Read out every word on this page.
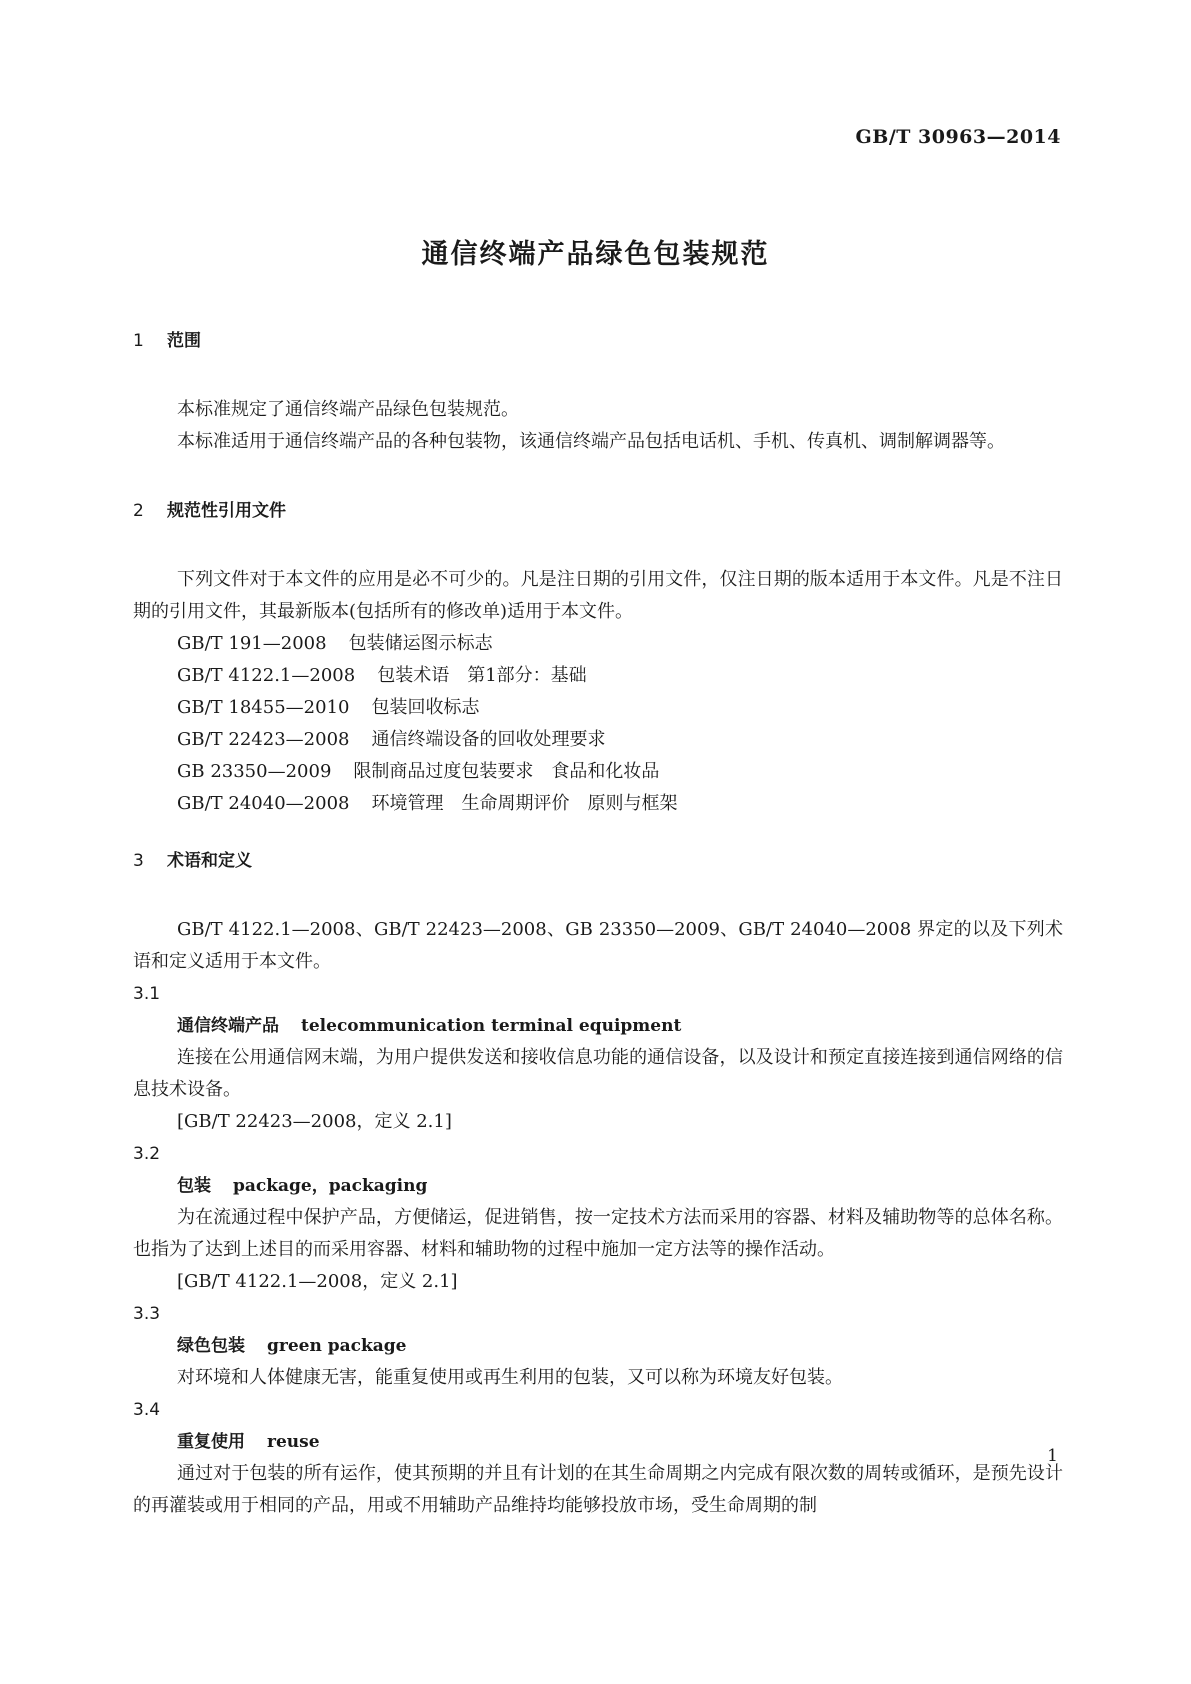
GB/T 30963—2014
通信终端产品绿色包装规范
1 范围

本标准规定了通信终端产品绿色包装规范。

本标准适用于通信终端产品的各种包装物，该通信终端产品包括电话机、手机、传真机、调制解调器等。

2 规范性引用文件

下列文件对于本文件的应用是必不可少的。凡是注日期的引用文件，仅注日期的版本适用于本文件。凡是不注日期的引用文件，其最新版本(包括所有的修改单)适用于本文件。

GB/T 191—2008 包装储运图示标志
GB/T 4122.1—2008 包装术语　第1部分：基础
GB/T 18455—2010 包装回收标志
GB/T 22423—2008 通信终端设备的回收处理要求
GB 23350—2009 限制商品过度包装要求　食品和化妆品
GB/T 24040—2008 环境管理　生命周期评价　原则与框架
3 术语和定义

GB/T 4122.1—2008、GB/T 22423—2008、GB 23350—2009、GB/T 24040—2008 界定的以及下列术语和定义适用于本文件。

3.1
通信终端产品 telecommunication terminal equipment

连接在公用通信网末端，为用户提供发送和接收信息功能的通信设备，以及设计和预定直接连接到通信网络的信息技术设备。

[GB/T 22423—2008，定义 2.1]
3.2
包装 package，packaging

为在流通过程中保护产品，方便储运，促进销售，按一定技术方法而采用的容器、材料及辅助物等的总体名称。也指为了达到上述目的而采用容器、材料和辅助物的过程中施加一定方法等的操作活动。

[GB/T 4122.1—2008，定义 2.1]
3.3
绿色包装 green package

对环境和人体健康无害，能重复使用或再生利用的包装，又可以称为环境友好包装。

3.4
重复使用 reuse

通过对于包装的所有运作，使其预期的并且有计划的在其生命周期之内完成有限次数的周转或循环，是预先设计的再灌装或用于相同的产品，用或不用辅助产品维持均能够投放市场，受生命周期的制

1
